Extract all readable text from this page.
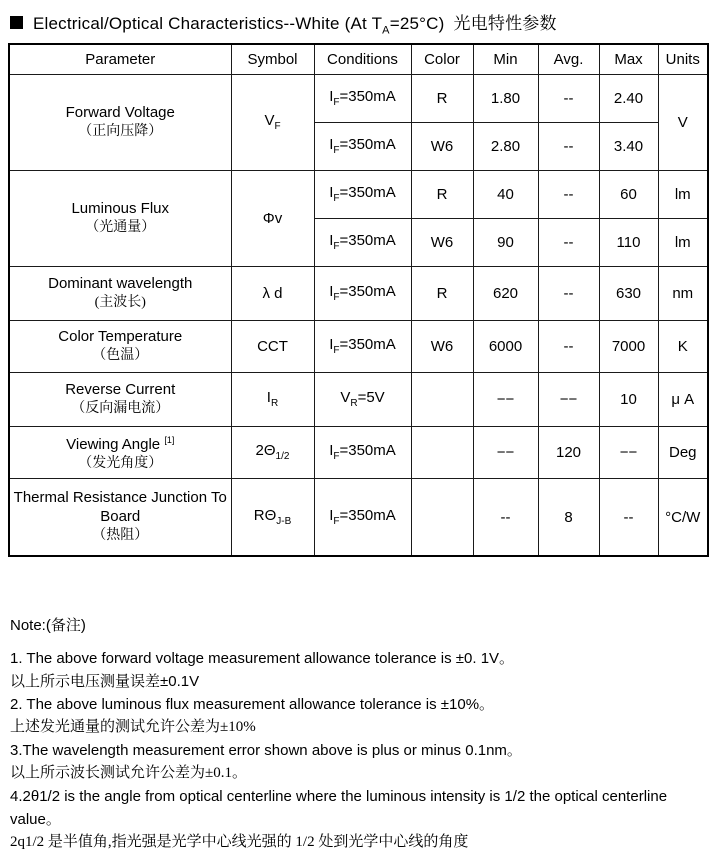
Electrical/Optical Characteristics--White (At $T_A=25^\circ C$) 光电特性参数
Parameter	Symbol	Conditions	Color	Min	Avg.	Max	Units

Forward Voltage
（正向压降）	$V_F$	$I_F=350mA$	R	1.80	--	2.40	V
		$I_F=350mA$	W6	2.80	--	3.40	

Luminous Flux
（光通量）	Φv	$I_F=350mA$	R	40	--	60	lm
		$I_F=350mA$	W6	90	--	110	lm

Dominant wavelength
(主波长)	λ d	$I_F=350mA$	R	620	--	630	nm

Color Temperature
（色温）	CCT	$I_F=350mA$	W6	6000	--	7000	K

Reverse Current
（反向漏电流）	$I_R$	$V_R=5V$		−−	−−	10	μ A

Viewing Angle [1]
（发光角度）	$2\Theta_{1/2}$	$I_F=350mA$		−−	120	−−	Deg

Thermal Resistance Junction To Board
（热阻）	$R\Theta_{J-B}$	$I_F=350mA$		--	8	--	°C/W
Note:(备注)
1. The above forward voltage measurement allowance tolerance is ±0. 1V。
以上所示电压测量误差±0.1V
2. The above luminous flux measurement allowance tolerance is ±10%。
上述发光通量的测试允许公差为±10%
3.The wavelength measurement error shown above is plus or minus 0.1nm。
以上所示波长测试允许公差为±0.1。
4.2θ1/2 is the angle from optical centerline where the luminous intensity is 1/2 the optical centerline value。
2q1/2 是半值角,指光强是光学中心线光强的 1/2 处到光学中心线的角度
